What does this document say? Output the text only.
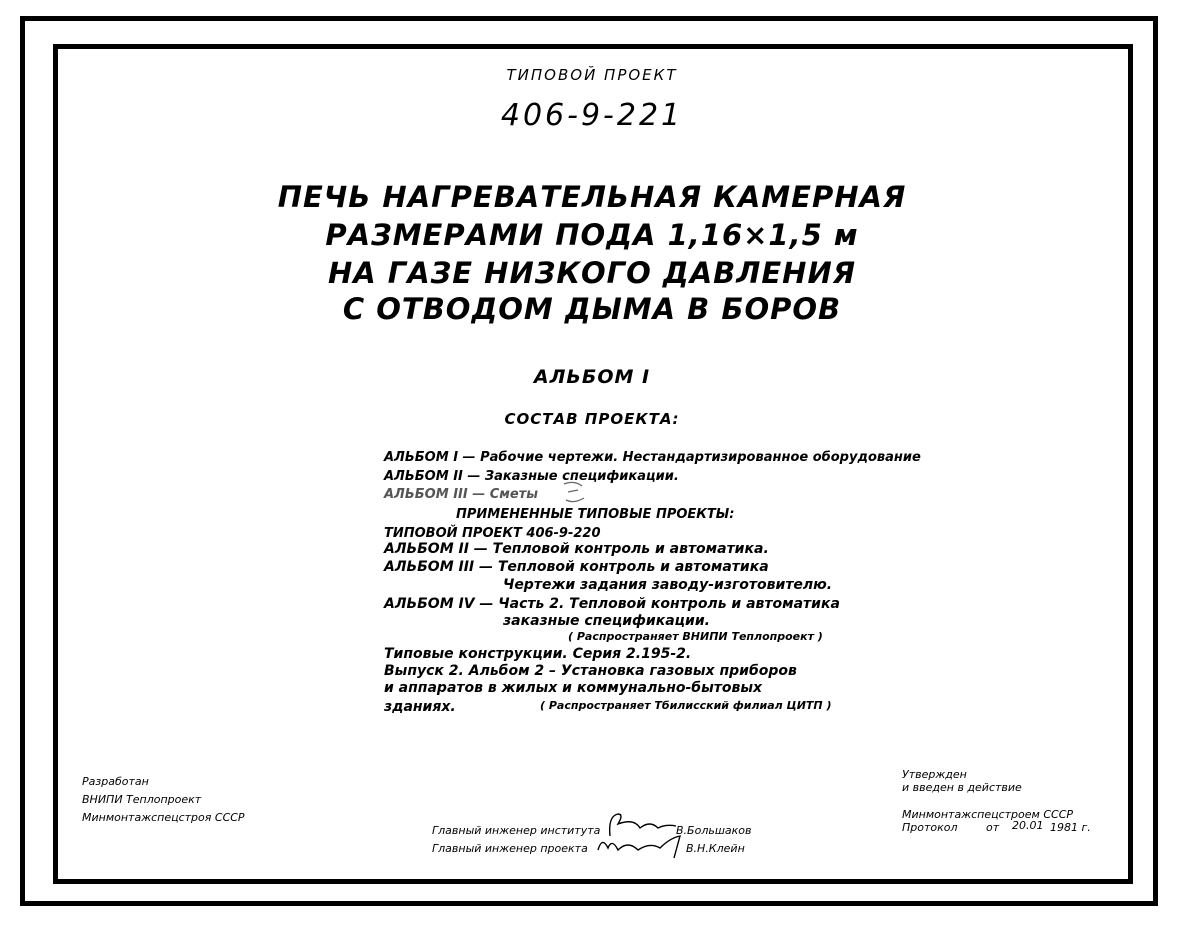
ТИПОВОЙ ПРОЕКТ
406-9-221
ПЕЧЬ НАГРЕВАТЕЛЬНАЯ КАМЕРНАЯ
РАЗМЕРАМИ ПОДА 1,16×1,5 м
НА ГАЗЕ НИЗКОГО ДАВЛЕНИЯ
С ОТВОДОМ ДЫМА В БОРОВ
АЛЬБОМ I
СОСТАВ ПРОЕКТА:
АЛЬБОМ I — Рабочие чертежи. Нестандартизированное оборудование
АЛЬБОМ II — Заказные спецификации.
АЛЬБОМ III — Сметы
ПРИМЕНЕННЫЕ ТИПОВЫЕ ПРОЕКТЫ:
ТИПОВОЙ ПРОЕКТ 406-9-220
АЛЬБОМ II — Тепловой контроль и автоматика.
АЛЬБОМ III — Тепловой контроль и автоматика
Чертежи задания заводу-изготовителю.
АЛЬБОМ IV — Часть 2. Тепловой контроль и автоматика
заказные спецификации.
( Распространяет ВНИПИ Теплопроект )
Типовые конструкции. Серия 2.195-2.
Выпуск 2. Альбом 2 – Установка газовых приборов
и аппаратов в жилых и коммунально-бытовых
зданиях.	( Распространяет Тбилисский филиал ЦИТП )
Разработан
ВНИПИ Теплопроект
Минмонтажспецстроя СССР
Утвержден
и введен в действие
Минмонтажспецстроем СССР
Протокол	от 20.01 1981 г.
Главный инженер института	В.Большаков
Главный инженер проекта	В.Н.Клейн
